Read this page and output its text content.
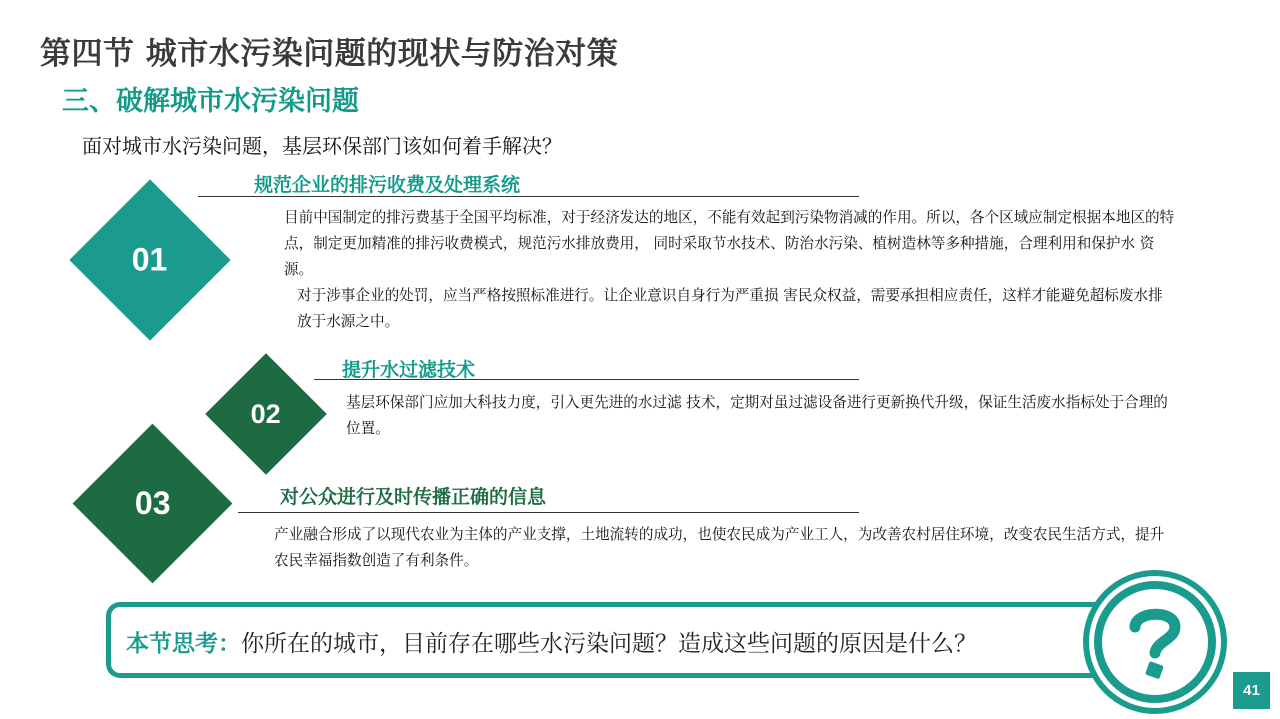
第四节 城市水污染问题的现状与防治对策
三、破解城市水污染问题
面对城市水污染问题，基层环保部门该如何着手解决？
01
规范企业的排污收费及处理系统
目前中国制定的排污费基于全国平均标准，对于经济发达的地区，不能有效起到污染物消减的作用。所以，各个区域应制定根据本地区的特点，制定更加精准的排污收费模式，规范污水排放费用， 同时采取节水技术、防治水污染、植树造林等多种措施，合理利用和保护水 资源。
对于涉事企业的处罚，应当严格按照标准进行。让企业意识自身行为严重损 害民众权益，需要承担相应责任，这样才能避免超标废水排放于水源之中。
02
提升水过滤技术
基层环保部门应加大科技力度，引入更先进的水过滤 技术，定期对虽过滤设备进行更新换代升级，保证生活废水指标处于合理的 位置。
03	对公众进行及时传播正确的信息
产业融合形成了以现代农业为主体的产业支撑，土地流转的成功，也使农民成为产业工人，为改善农村居住环境，改变农民生活方式，提升农民幸福指数创造了有利条件。
本节思考：你所在的城市，目前存在哪些水污染问题？造成这些问题的原因是什么？
41
